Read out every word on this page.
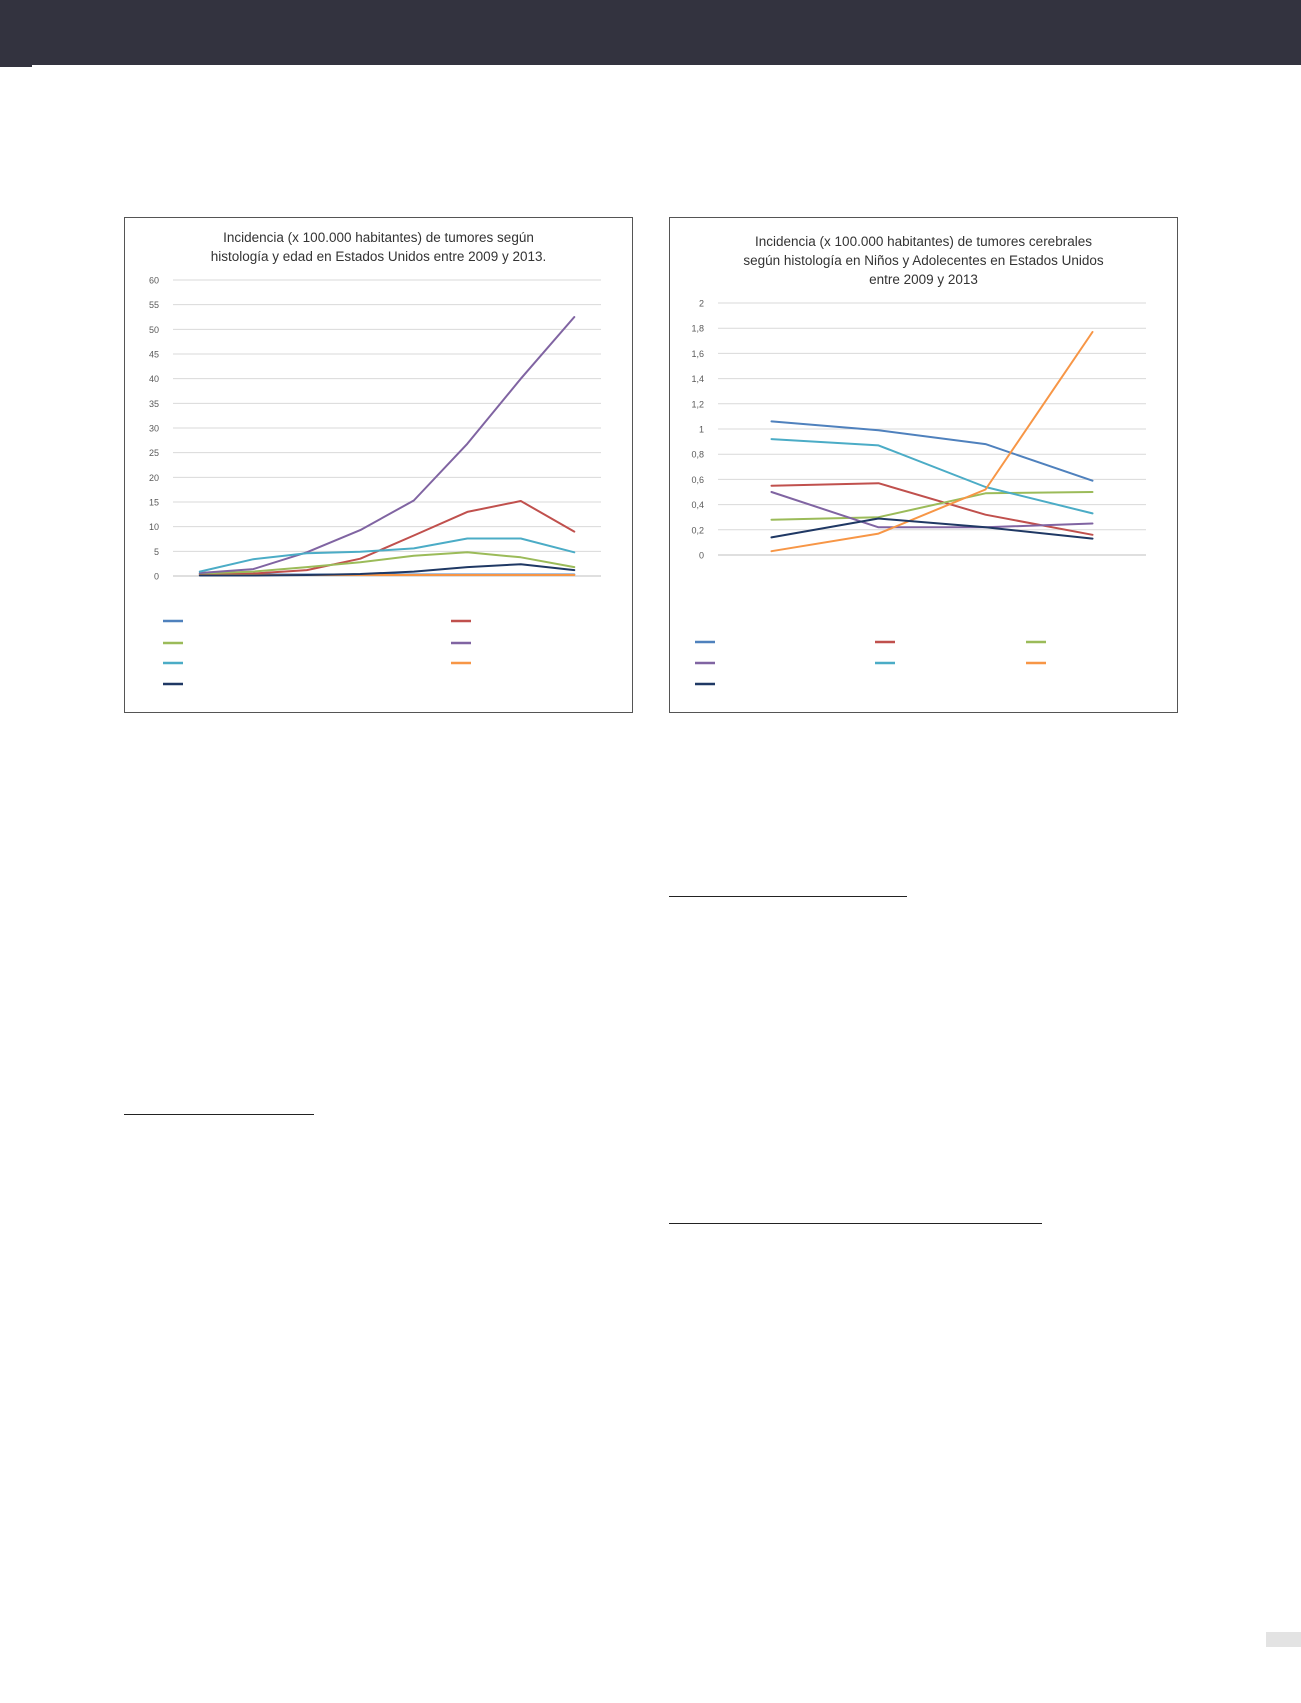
Incidencia (x 100.000 habitantes) de tumores según
histología y edad en Estados Unidos entre 2009 y 2013.
0
5
10
15
20
25
30
35
40
45
50
55
60
Incidencia (x 100.000 habitantes) de tumores cerebrales
según histología en Niños y Adolecentes en Estados Unidos
entre 2009 y 2013
0
0,2
0,4
0,6
0,8
1
1,2
1,4
1,6
1,8
2
